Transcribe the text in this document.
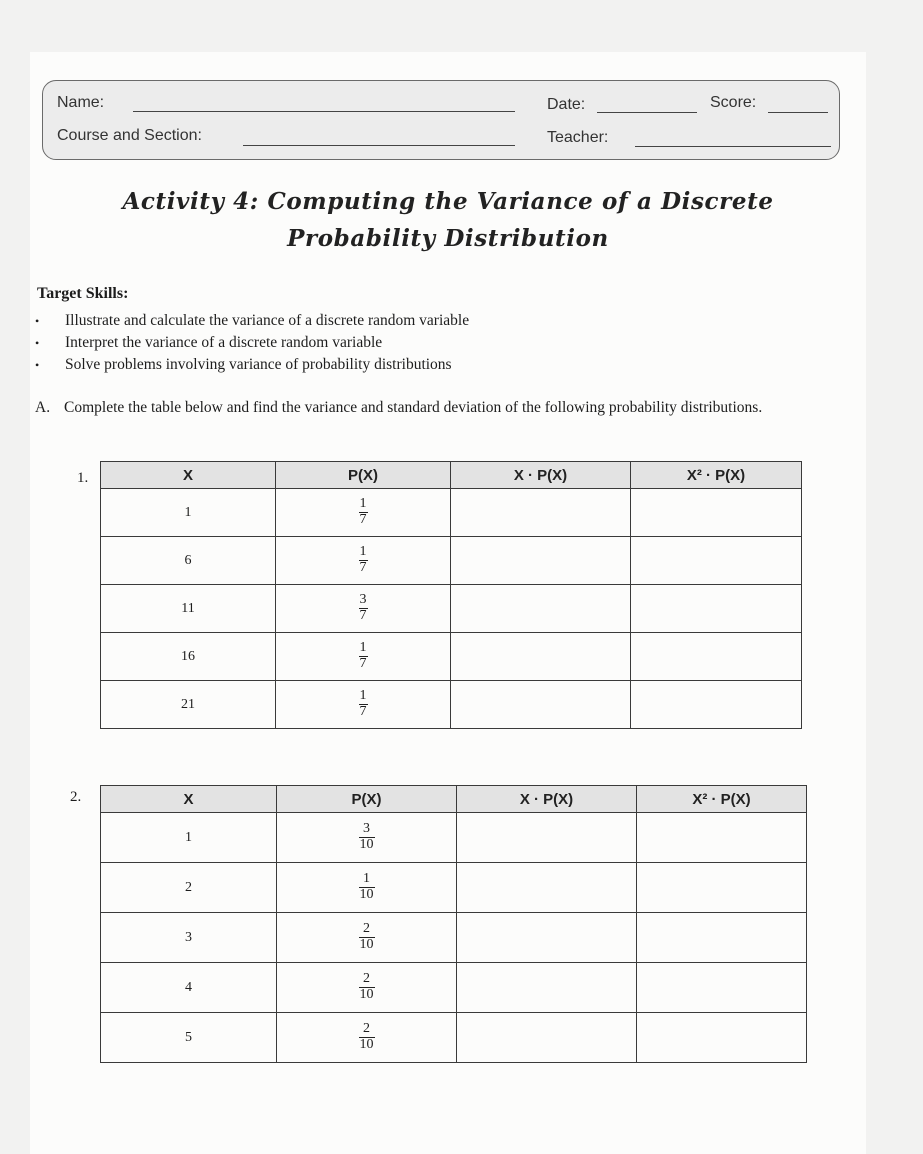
Name:	Date:	Score:
Course and Section:	Teacher:
Activity 4: Computing the Variance of a Discrete
Probability Distribution
Target Skills:
• Illustrate and calculate the variance of a discrete random variable
• Interpret the variance of a discrete random variable
• Solve problems involving variance of probability distributions
A. Complete the table below and find the variance and standard deviation of the following probability distributions.
1.	X	P(X)	X · P(X)	X² · P(X)
1	$\frac{1}{7}$

6	$\frac{1}{7}$

11	$\frac{3}{7}$

16	$\frac{1}{7}$

21	$\frac{1}{7}$

2.	X	P(X)	X · P(X)	X² · P(X)
1	$\frac{3}{10}$

2	$\frac{1}{10}$

3	$\frac{2}{10}$

4	$\frac{2}{10}$

5	$\frac{2}{10}$
